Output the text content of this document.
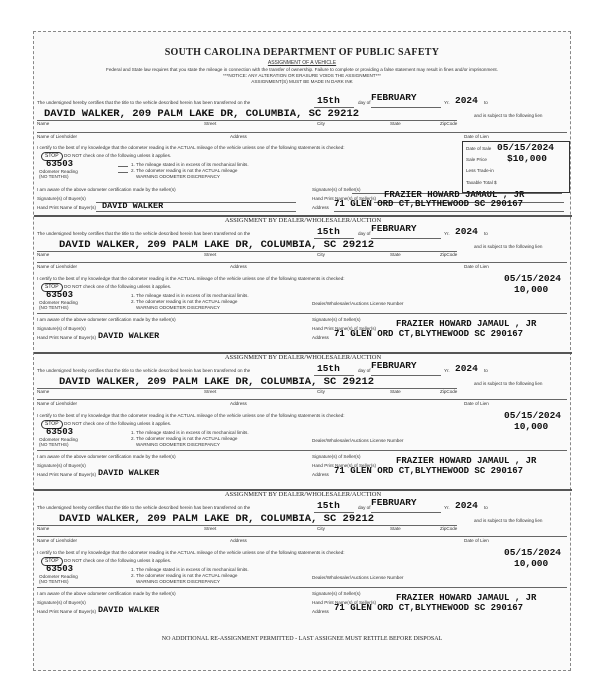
SOUTH CAROLINA DEPARTMENT OF PUBLIC SAFETY
ASSIGNMENT OF A VEHICLE
Federal and State law requires that you state the mileage in connection with the transfer of ownership. Failure to complete or providing a false statement may result in fines and/or imprisonment.
***NOTICE: ANY ALTERATION OR ERASURE VOIDS THE ASSIGNMENT***
ASSIGNMENT(S) MUST BE MADE IN DARK INK
The undersigned hereby certifies that the title to the vehicle described herein has been transferred on the	15th	day of FEBRUARY	Yr. 2024 to
DAVID WALKER, 209 PALM LAKE DR, COLUMBIA, SC 29212	and is subject to the following lien
Name	Street	City	State	ZipCode
Name of Lienholder	Address	Date of Lien
I certify to the best of my knowledge that the odometer reading is the ACTUAL mileage of the vehicle unless one of the following statements is checked:
STOP	DO NOT check one of the following unless it applies.
63503
Odometer Reading
(NO TENTHS)
1. The mileage stated is in excess of its mechanical limits.
2. The odometer reading is not the ACTUAL mileage
WARNING ODOMETER DISCREPANCY
I am aware of the above odometer certification made by the seller(s)
Signature(s) of Buyer(s)
Hand Print Name of Buyer(s) DAVID WALKER
Signature(s) of Seller(s)
Hand Print Name(s) of Seller(s) FRAZIER HOWARD JAMAUL , JR
Address 71 GLEN ORD CT,BLYTHEWOOD SC 290167
Date of Sale 05/15/2024
Sale Price $10,000
Less Trade-in
Taxable Total $
ASSIGNMENT BY DEALER/WHOLESALER/AUCTION
The undersigned hereby certifies that the title to the vehicle described herein has been transferred on the	15th	day of FEBRUARY	Yr. 2024 to
DAVID WALKER, 209 PALM LAKE DR, COLUMBIA, SC 29212	and is subject to the following lien
Name	Street	City	State	ZipCode
Name of Lienholder	Address	Date of Lien
05/15/2024
10,000
I certify to the best of my knowledge that the odometer reading is the ACTUAL mileage of the vehicle unless one of the following statements is checked:
STOP	DO NOT check one of the following unless it applies.
63503
Odometer Reading
(NO TENTHS)
1. The mileage stated is in excess of its mechanical limits.
2. The odometer reading is not the ACTUAL mileage
WARNING ODOMETER DISCREPANCY
Dealer/Wholesaler/Auctions License Number
I am aware of the above odometer certification made by the seller(s)
Signature(s) of Buyer(s)
Hand Print Name of Buyer(s) DAVID WALKER
Signature(s) of Seller(s)
Hand Print Name(s) of Seller(s) FRAZIER HOWARD JAMAUL , JR
Address 71 GLEN ORD CT,BLYTHEWOOD SC 290167
ASSIGNMENT BY DEALER/WHOLESALER/AUCTION
The undersigned hereby certifies that the title to the vehicle described herein has been transferred on the	15th	day of FEBRUARY	Yr. 2024 to
DAVID WALKER, 209 PALM LAKE DR, COLUMBIA, SC 29212	and is subject to the following lien
Name	Street	City	State	ZipCode
Name of Lienholder	Address	Date of Lien
05/15/2024
10,000
I certify to the best of my knowledge that the odometer reading is the ACTUAL mileage of the vehicle unless one of the following statements is checked:
STOP	DO NOT check one of the following unless it applies.
63503
Odometer Reading
(NO TENTHS)
1. The mileage stated is in excess of its mechanical limits.
2. The odometer reading is not the ACTUAL mileage
WARNING ODOMETER DISCREPANCY
Dealer/Wholesaler/Auctions License Number
I am aware of the above odometer certification made by the seller(s)
Signature(s) of Buyer(s)
Hand Print Name of Buyer(s) DAVID WALKER
Signature(s) of Seller(s)
Hand Print Name(s) of Seller(s) FRAZIER HOWARD JAMAUL , JR
Address 71 GLEN ORD CT,BLYTHEWOOD SC 290167
ASSIGNMENT BY DEALER/WHOLESALER/AUCTION
The undersigned hereby certifies that the title to the vehicle described herein has been transferred on the	15th	day of FEBRUARY	Yr. 2024 to
DAVID WALKER, 209 PALM LAKE DR, COLUMBIA, SC 29212	and is subject to the following lien
Name	Street	City	State	ZipCode
Name of Lienholder	Address	Date of Lien
05/15/2024
10,000
I certify to the best of my knowledge that the odometer reading is the ACTUAL mileage of the vehicle unless one of the following statements is checked:
STOP	DO NOT check one of the following unless it applies.
63503
Odometer Reading
(NO TENTHS)
1. The mileage stated is in excess of its mechanical limits.
2. The odometer reading is not the ACTUAL mileage
WARNING ODOMETER DISCREPANCY
Dealer/Wholesaler/Auctions License Number
I am aware of the above odometer certification made by the seller(s)
Signature(s) of Buyer(s)
Hand Print Name of Buyer(s) DAVID WALKER
Signature(s) of Seller(s)
Hand Print Name(s) of Seller(s) FRAZIER HOWARD JAMAUL , JR
Address 71 GLEN ORD CT,BLYTHEWOOD SC 290167
NO ADDITIONAL RE-ASSIGNMENT PERMITTED - LAST ASSIGNEE MUST RETITLE BEFORE DISPOSAL
